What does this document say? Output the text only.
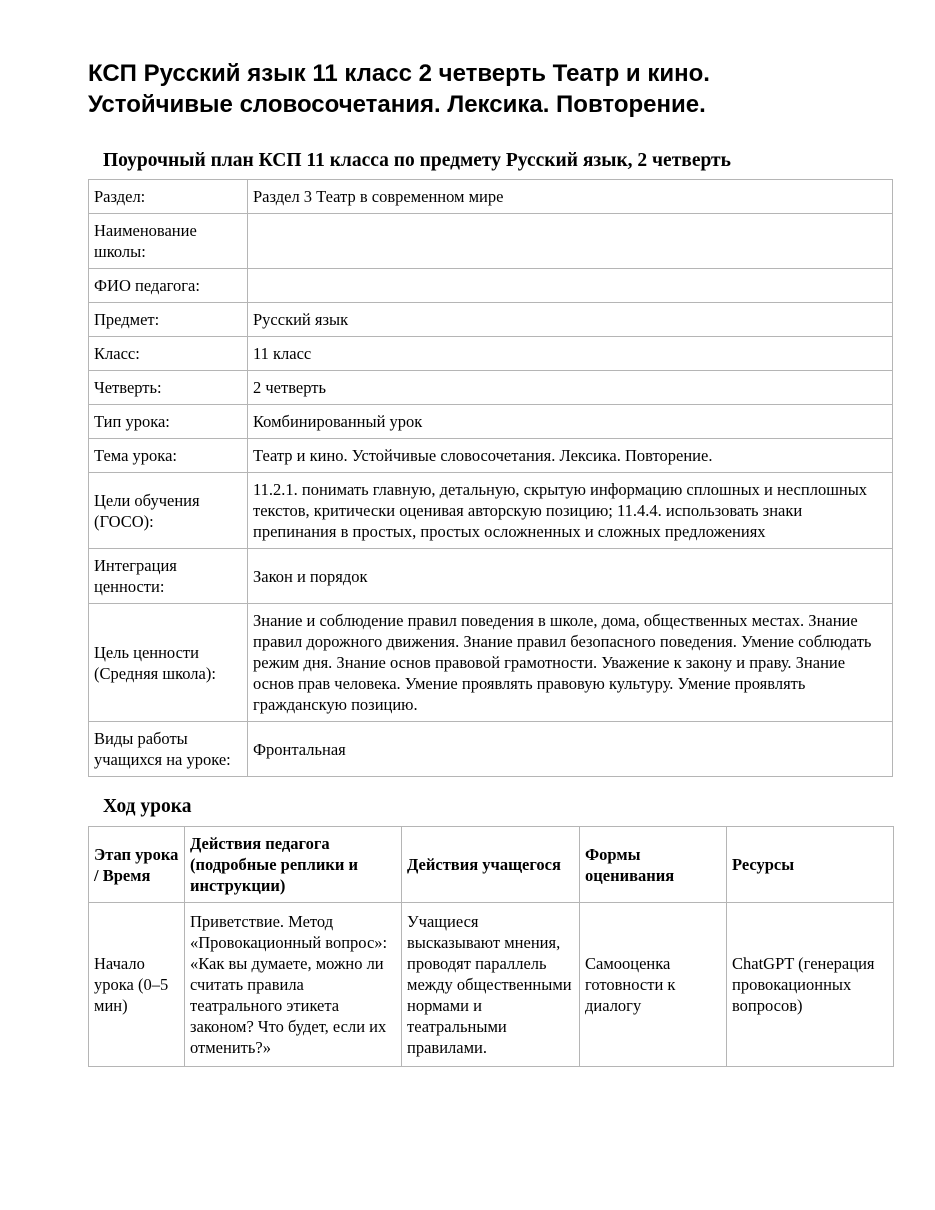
КСП Русский язык 11 класс 2 четверть Театр и кино.
Устойчивые словосочетания. Лексика. Повторение.
Поурочный план КСП 11 класса по предмету Русский язык, 2 четверть
Раздел:	Раздел 3 Театр в современном мире
Наименование школы:	
ФИО педагога:	
Предмет:	Русский язык
Класс:	11 класс
Четверть:	2 четверть
Тип урока:	Комбинированный урок
Тема урока:	Театр и кино. Устойчивые словосочетания. Лексика. Повторение.
Цели обучения (ГОСО):	11.2.1. понимать главную, детальную, скрытую информацию сплошных и несплошных текстов, критически оценивая авторскую позицию; 11.4.4. использовать знаки препинания в простых, простых осложненных и сложных предложениях
Интеграция ценности:	Закон и порядок
Цель ценности (Средняя школа):	Знание и соблюдение правил поведения в школе, дома, общественных местах. Знание правил дорожного движения. Знание правил безопасного поведения. Умение соблюдать режим дня. Знание основ правовой грамотности. Уважение к закону и праву. Знание основ прав человека. Умение проявлять правовую культуру. Умение проявлять гражданскую позицию.
Виды работы учащихся на уроке:	Фронтальная
Ход урока
Этап урока / Время	Действия педагога (подробные реплики и инструкции)	Действия учащегося	Формы оценивания	Ресурсы
Начало урока (0–5 мин)	Приветствие. Метод «Провокационный вопрос»: «Как вы думаете, можно ли считать правила театрального этикета законом? Что будет, если их отменить?»	Учащиеся высказывают мнения, проводят параллель между общественными нормами и театральными правилами.	Самооценка готовности к диалогу	ChatGPT (генерация провокационных вопросов)
